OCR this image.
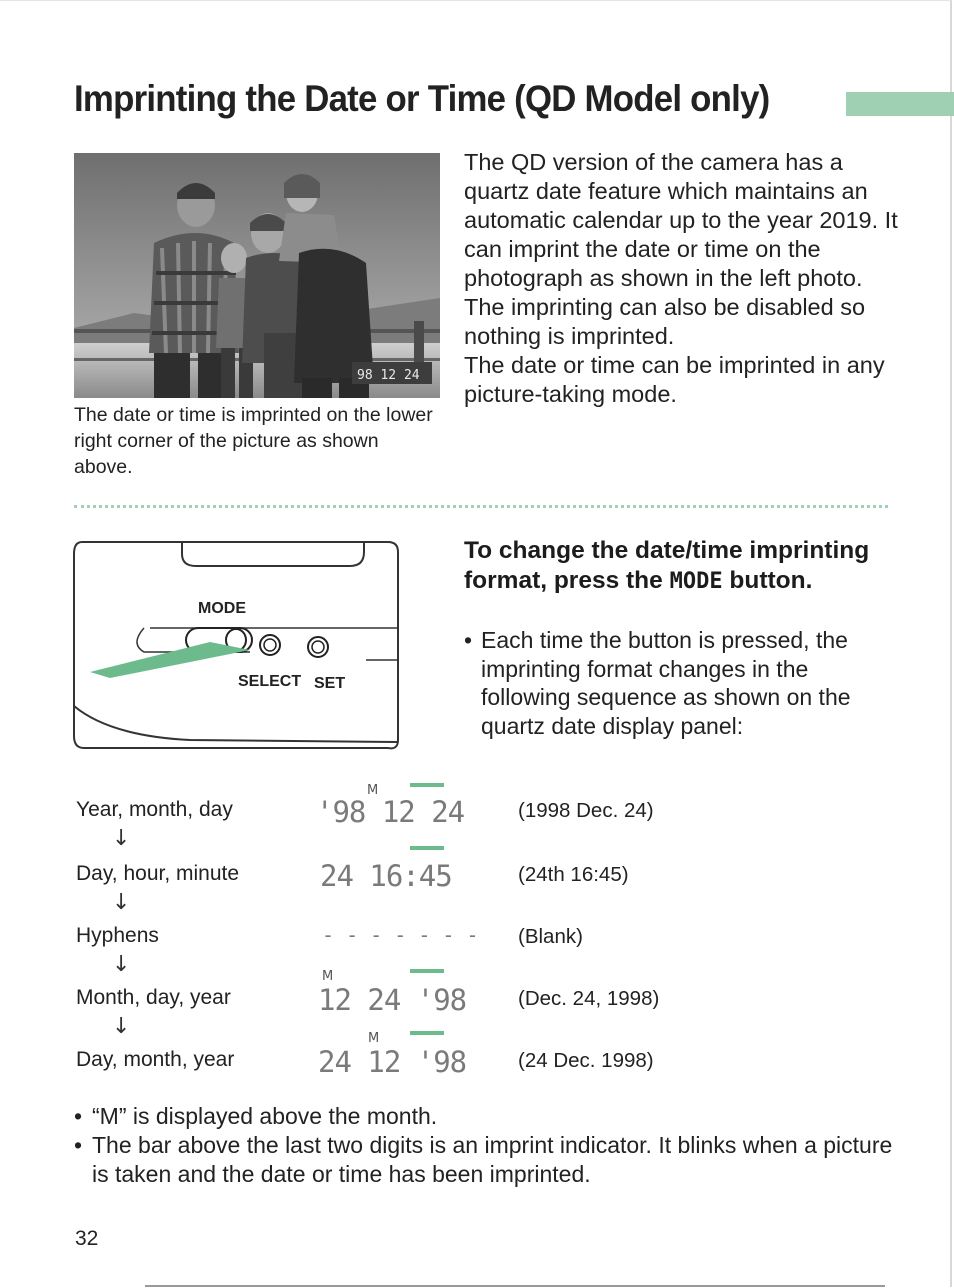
Imprinting the Date or Time (QD Model only)
98 12 24
The date or time is imprinted on the lower right corner of the picture as shown above.

The QD version of the camera has a quartz date feature which maintains an automatic calendar up to the year 2019. It can imprint the date or time on the photograph as shown in the left photo. The imprinting can also be disabled so nothing is imprinted.

The date or time can be imprinted in any picture-taking mode.

MODE
SELECT SET
To change the date/time imprinting format, press the MODE button.
• Each time the button is pressed, the imprinting format changes in the following sequence as shown on the quartz date display panel:
Year, month, day
↓
Day, hour, minute
↓
Hyphens
↓
Month, day, year
↓
Day, month, year
M
'98 12 24
24 16:45
- - - - - - -
M
12 24 '98
M
24 12 '98
(1998 Dec. 24)
(24th 16:45)
(Blank)
(Dec. 24, 1998)
(24 Dec. 1998)
• “M” is displayed above the month.
• The bar above the last two digits is an imprint indicator. It blinks when a picture is taken and the date or time has been imprinted.
32
